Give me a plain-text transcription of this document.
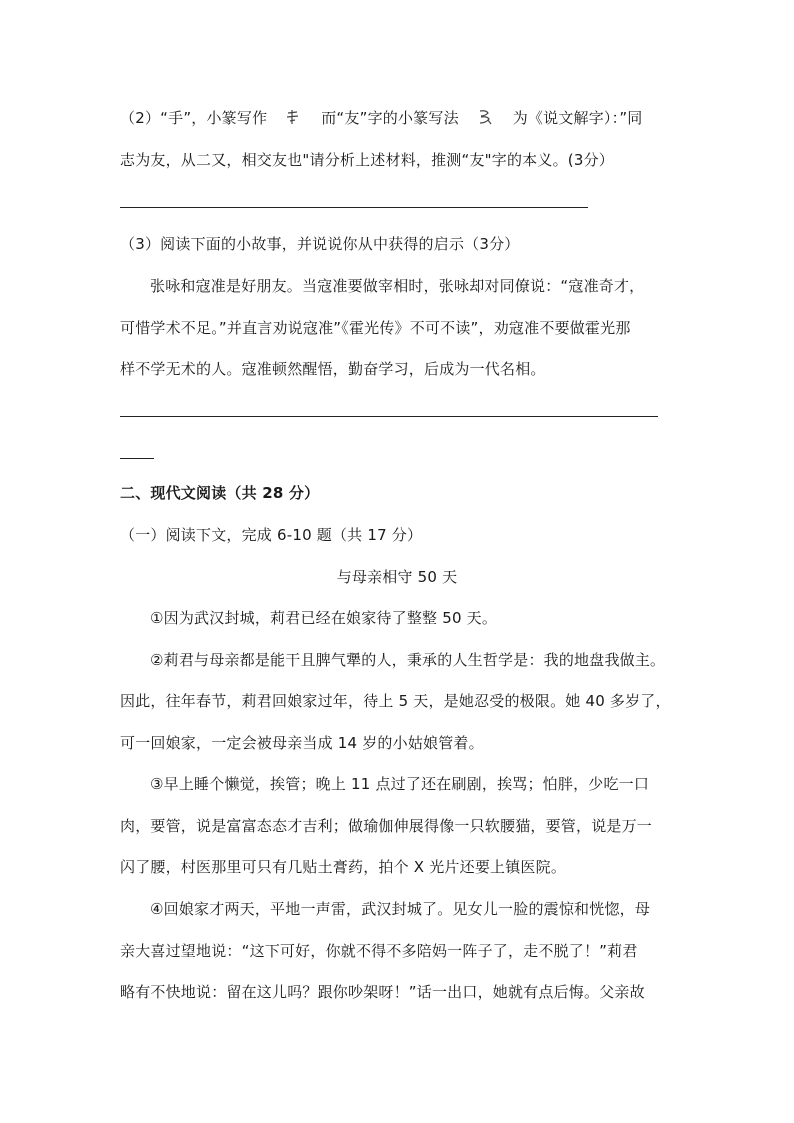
（2）“手”，小篆写作	而“友”字的小篆写法	为《说文解字）：”同
志为友，从二又，相交友也"请分析上述材料，推测“友"字的本义。(3分）
（3）阅读下面的小故事，并说说你从中获得的启示（3分）
张咏和寇准是好朋友。当寇准要做宰相时，张咏却对同僚说：“寇准奇才，
可惜学术不足。”并直言劝说寇准”《霍光传》不可不读”，劝寇准不要做霍光那
样不学无术的人。寇准顿然醒悟，勤奋学习，后成为一代名相。
二、现代文阅读（共 28 分）
（一）阅读下文，完成 6-10 题（共 17 分）
与母亲相守 50 天
①因为武汉封城，莉君已经在娘家待了整整 50 天。
②莉君与母亲都是能干且脾气犟的人，秉承的人生哲学是：我的地盘我做主。
因此，往年春节，莉君回娘家过年，待上 5 天，是她忍受的极限。她 40 多岁了，
可一回娘家，一定会被母亲当成 14 岁的小姑娘管着。
③早上睡个懒觉，挨管；晚上 11 点过了还在刷剧，挨骂；怕胖，少吃一口
肉，要管，说是富富态态才吉利；做瑜伽伸展得像一只软腰猫，要管，说是万一
闪了腰，村医那里可只有几贴土膏药，拍个 X 光片还要上镇医院。
④回娘家才两天，平地一声雷，武汉封城了。见女儿一脸的震惊和恍惚，母
亲大喜过望地说：“这下可好，你就不得不多陪妈一阵子了，走不脱了！”莉君
略有不快地说：留在这儿吗？跟你吵架呀！”话一出口，她就有点后悔。父亲故
